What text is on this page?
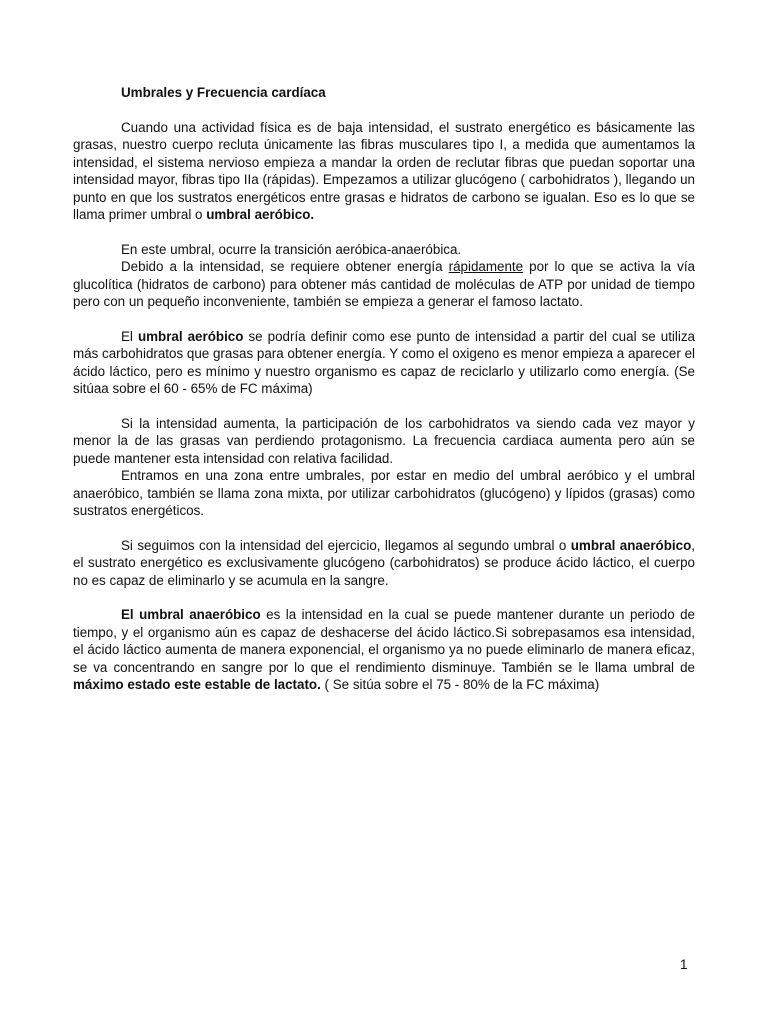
Umbrales y Frecuencia cardíaca

Cuando una actividad física es de baja intensidad, el sustrato energético es básicamente las grasas, nuestro cuerpo recluta únicamente las fibras musculares tipo I, a medida que aumentamos la intensidad, el sistema nervioso empieza a mandar la orden de reclutar fibras que puedan soportar una intensidad mayor, fibras tipo IIa (rápidas). Empezamos a utilizar glucógeno ( carbohidratos ), llegando un punto en que los sustratos energéticos entre grasas e hidratos de carbono se igualan. Eso es lo que se llama primer umbral o umbral aeróbico.

En este umbral, ocurre la transición aeróbica-anaeróbica.

Debido a la intensidad, se requiere obtener energía rápidamente por lo que se activa la vía glucolítica (hidratos de carbono) para obtener más cantidad de moléculas de ATP por unidad de tiempo pero con un pequeño inconveniente, también se empieza a generar el famoso lactato.

El umbral aeróbico se podría definir como ese punto de intensidad a partir del cual se utiliza más carbohidratos que grasas para obtener energía. Y como el oxigeno es menor empieza a aparecer el ácido láctico, pero es mínimo y nuestro organismo es capaz de reciclarlo y utilizarlo como energía. (Se sitúaa sobre el 60 - 65% de FC máxima)

Si la intensidad aumenta, la participación de los carbohidratos va siendo cada vez mayor y menor la de las grasas van perdiendo protagonismo. La frecuencia cardiaca aumenta pero aún se puede mantener esta intensidad con relativa facilidad.

Entramos en una zona entre umbrales, por estar en medio del umbral aeróbico y el umbral anaeróbico, también se llama zona mixta, por utilizar carbohidratos (glucógeno) y lípidos (grasas) como sustratos energéticos.

Si seguimos con la intensidad del ejercicio, llegamos al segundo umbral o umbral anaeróbico, el sustrato energético es exclusivamente glucógeno (carbohidratos) se produce ácido láctico, el cuerpo no es capaz de eliminarlo y se acumula en la sangre.

El umbral anaeróbico es la intensidad en la cual se puede mantener durante un periodo de tiempo, y el organismo aún es capaz de deshacerse del ácido láctico.Si sobrepasamos esa intensidad, el ácido láctico aumenta de manera exponencial, el organismo ya no puede eliminarlo de manera eficaz, se va concentrando en sangre por lo que el rendimiento disminuye. También se le llama umbral de máximo estado este estable de lactato. ( Se sitúa sobre el 75 - 80% de la FC máxima)

1
